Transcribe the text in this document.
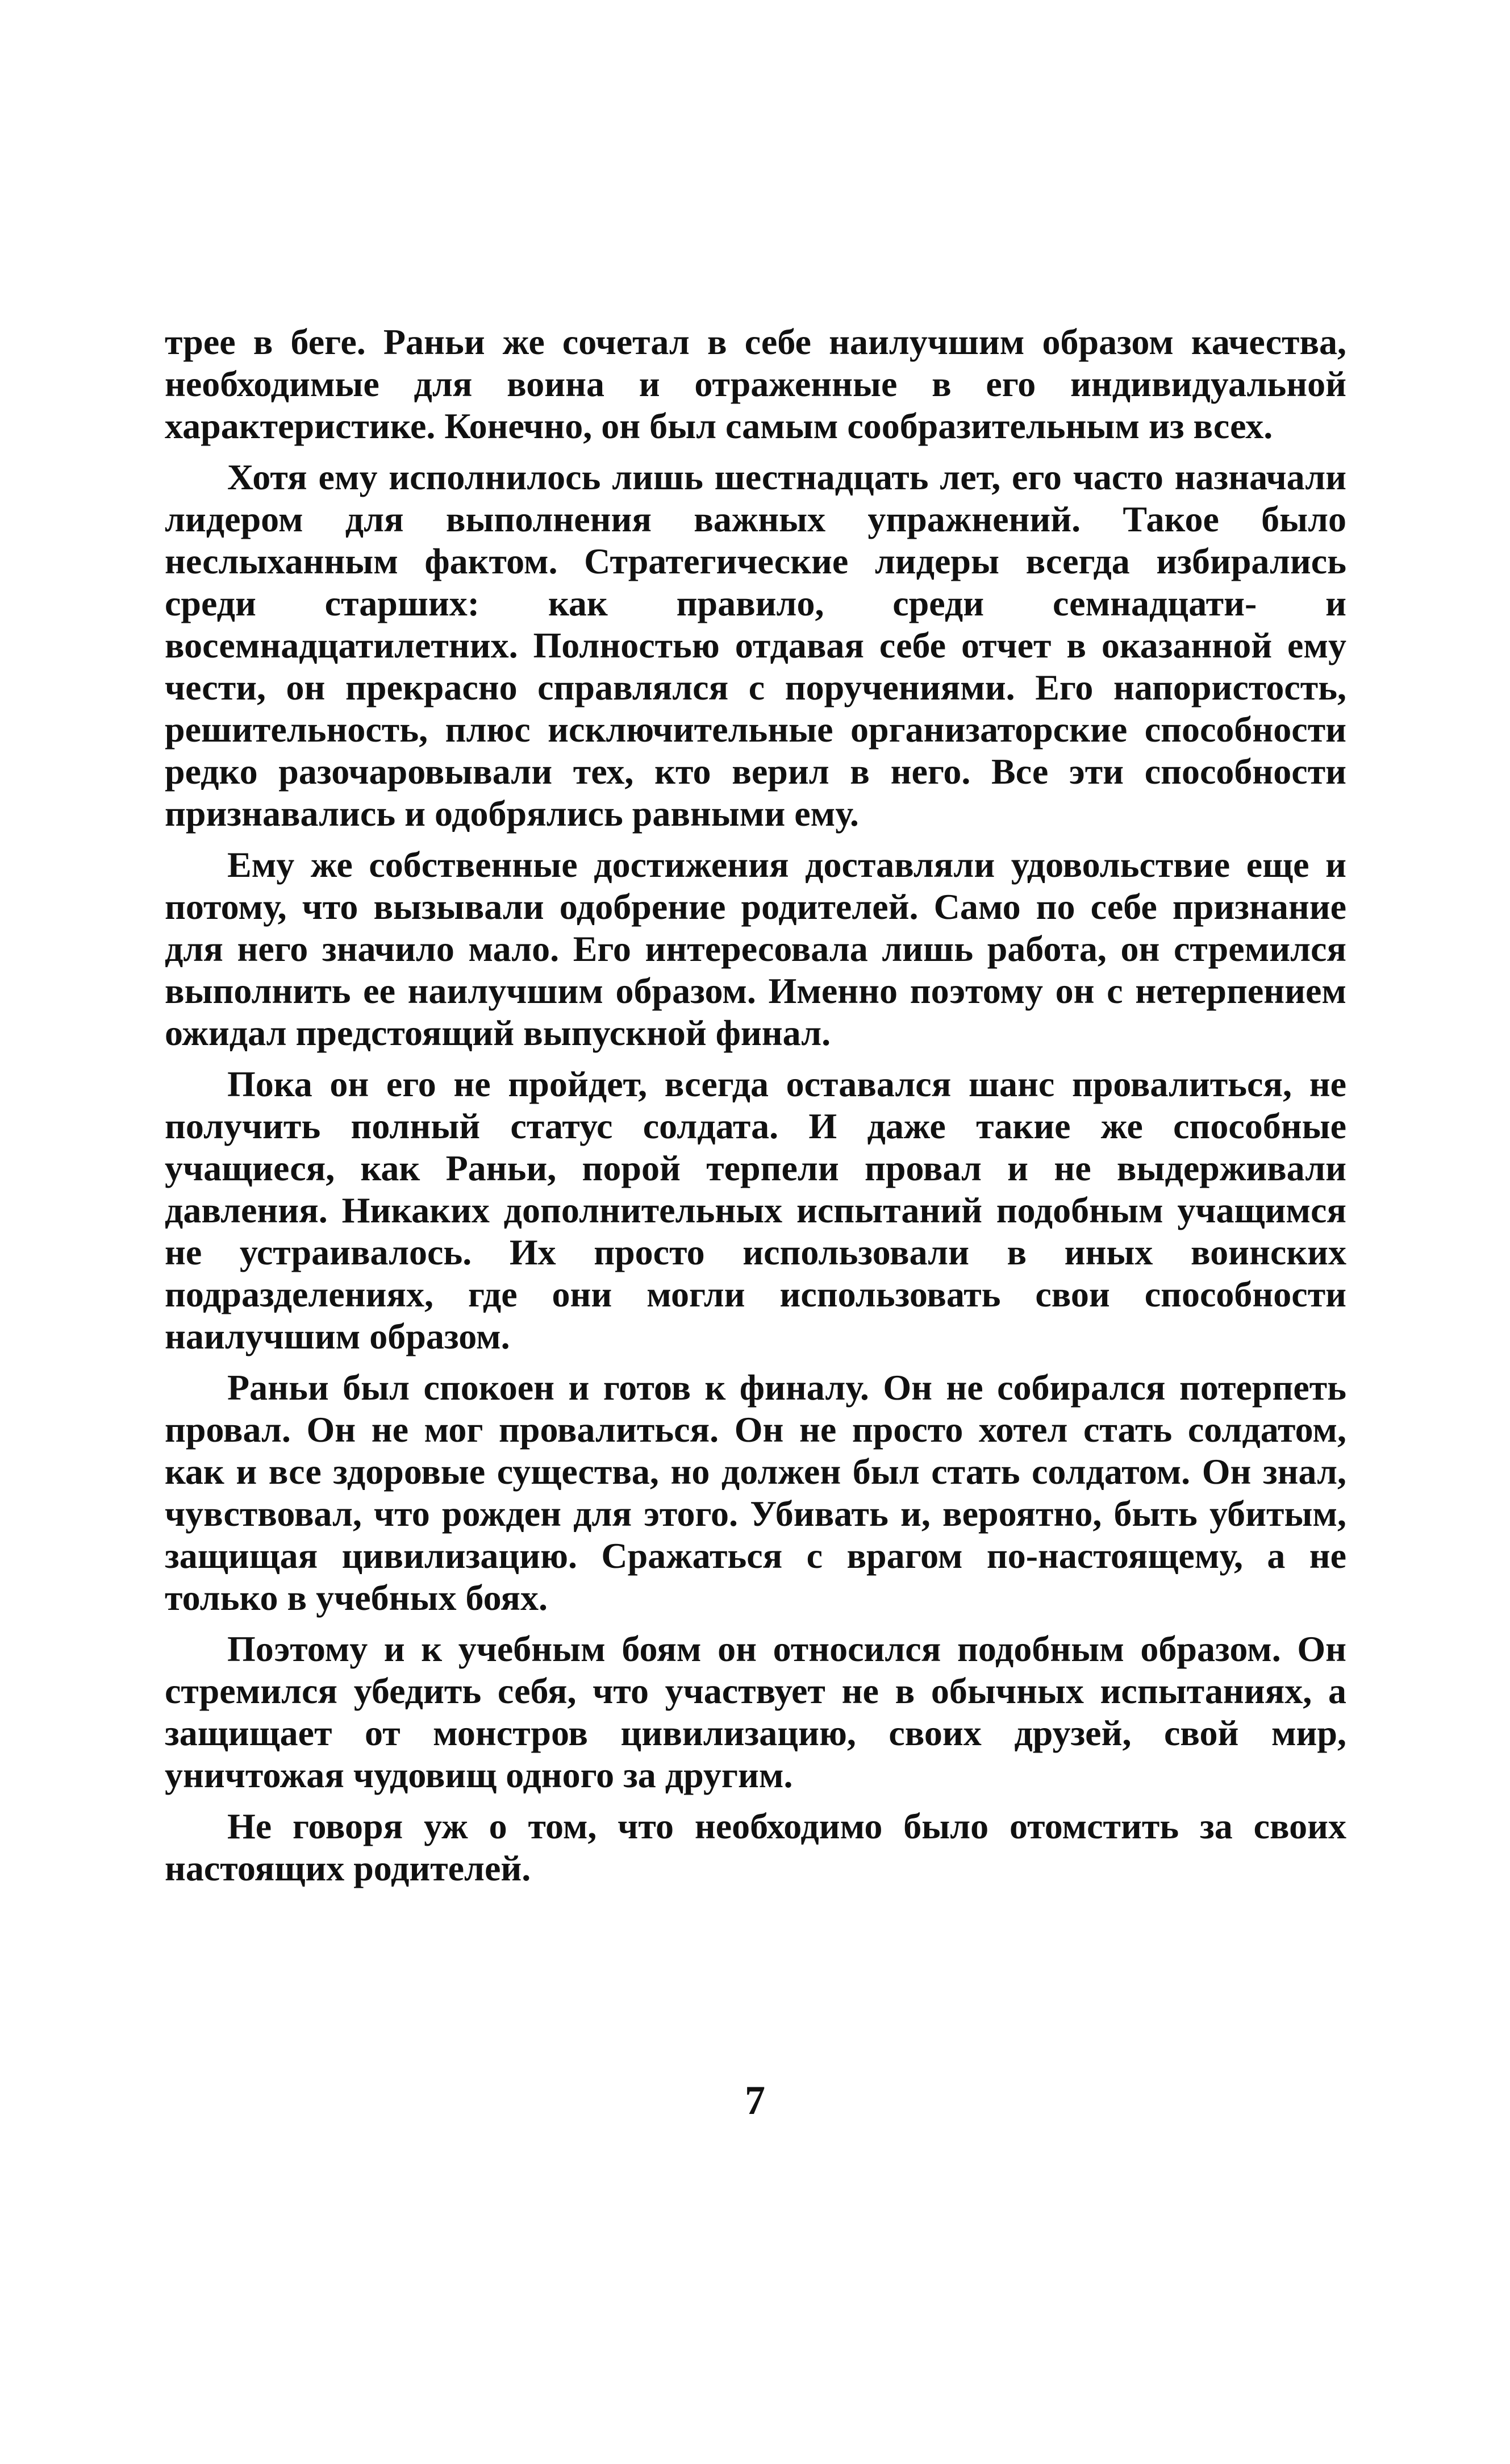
трее в беге. Раньи же сочетал в себе наилучшим образом качества, необходимые для воина и отраженные в его индивидуальной характеристике. Конечно, он был самым сообразительным из всех.

Хотя ему исполнилось лишь шестнадцать лет, его часто назначали лидером для выполнения важных упражнений. Такое было неслыханным фактом. Стратегические лидеры всегда избирались среди старших: как правило, среди семнадцати- и восемнадцатилетних. Полностью отдавая себе отчет в оказанной ему чести, он прекрасно справлялся с поручениями. Его напористость, решительность, плюс исключительные организаторские способности редко разочаровывали тех, кто верил в него. Все эти способности признавались и одобрялись равными ему.

Ему же собственные достижения доставляли удовольствие еще и потому, что вызывали одобрение родителей. Само по себе признание для него значило мало. Его интересовала лишь работа, он стремился выполнить ее наилучшим образом. Именно поэтому он с нетерпением ожидал предстоящий выпускной финал.

Пока он его не пройдет, всегда оставался шанс провалиться, не получить полный статус солдата. И даже такие же способные учащиеся, как Раньи, порой терпели провал и не выдерживали давления. Никаких дополнительных испытаний подобным учащимся не устраивалось. Их просто использовали в иных воинских подразделениях, где они могли использовать свои способности наилучшим образом.

Раньи был спокоен и готов к финалу. Он не собирался потерпеть провал. Он не мог провалиться. Он не просто хотел стать солдатом, как и все здоровые существа, но должен был стать солдатом. Он знал, чувствовал, что рожден для этого. Убивать и, вероятно, быть убитым, защищая цивилизацию. Сражаться с врагом по-настоящему, а не только в учебных боях.

Поэтому и к учебным боям он относился подобным образом. Он стремился убедить себя, что участвует не в обычных испытаниях, а защищает от монстров цивилизацию, своих друзей, свой мир, уничтожая чудовищ одного за другим.

Не говоря уж о том, что необходимо было отомстить за своих настоящих родителей.

7
